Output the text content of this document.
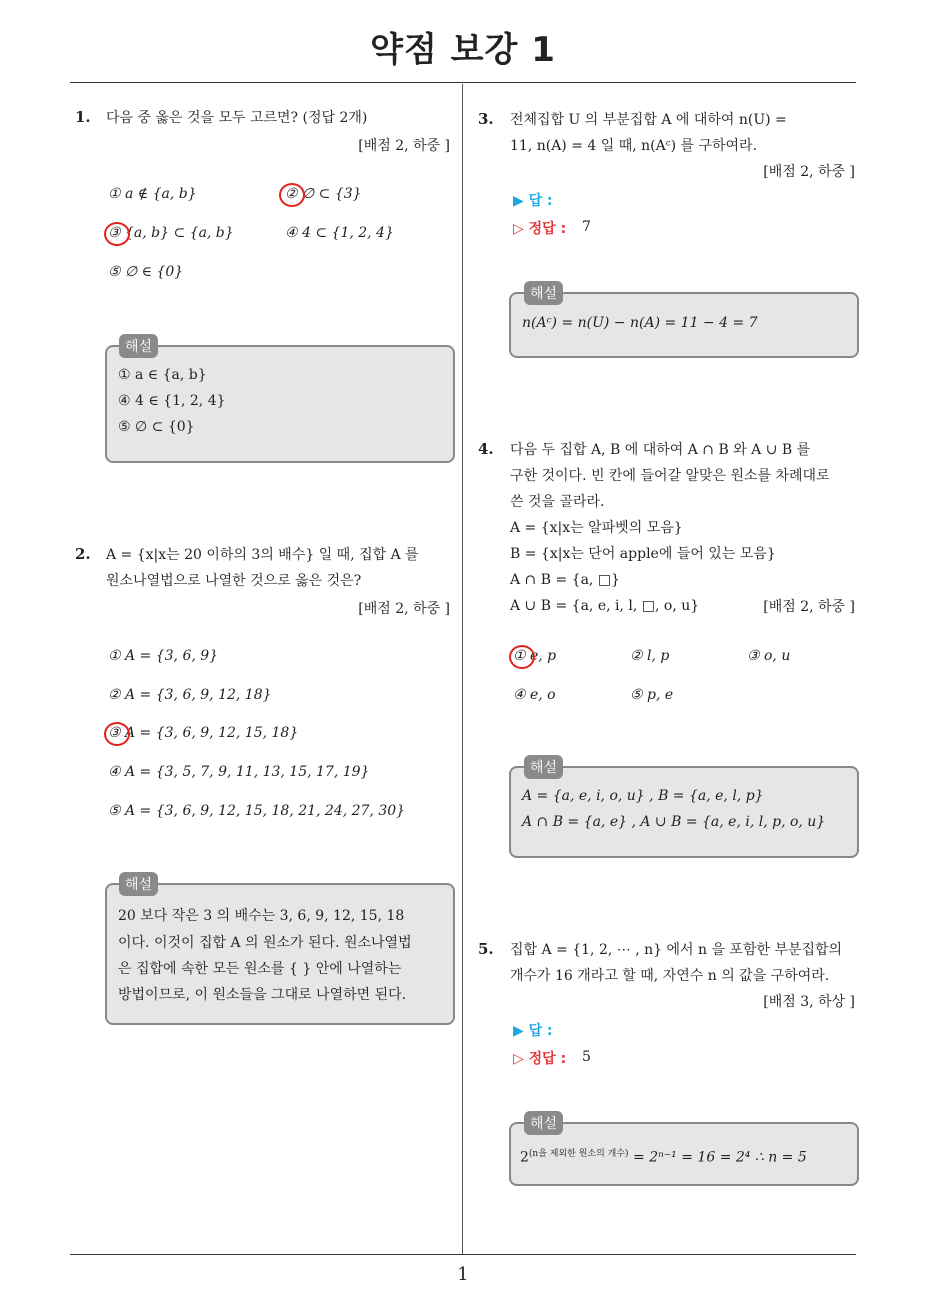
약점 보강 1
1. 다음 중 옳은 것을 모두 고르면? (정답 2개)
[배점 2, 하중 ]
① a ∉ {a, b}	② ∅ ⊂ {3}
③ {a, b} ⊂ {a, b}	④ 4 ⊂ {1, 2, 4}
⑤ ∅ ∈ {0}
해설
① a ∈ {a, b}
④ 4 ∈ {1, 2, 4}
⑤ ∅ ⊂ {0}
2. A = {x|x는 20 이하의 3의 배수} 일 때, 집합 A 를
원소나열법으로 나열한 것으로 옳은 것은?
[배점 2, 하중 ]
① A = {3, 6, 9}
② A = {3, 6, 9, 12, 18}
③ A = {3, 6, 9, 12, 15, 18}
④ A = {3, 5, 7, 9, 11, 13, 15, 17, 19}
⑤ A = {3, 6, 9, 12, 15, 18, 21, 24, 27, 30}
해설
20 보다 작은 3 의 배수는 3, 6, 9, 12, 15, 18
이다. 이것이 집합 A 의 원소가 된다. 원소나열법
은 집합에 속한 모든 원소를 { } 안에 나열하는
방법이므로, 이 원소들을 그대로 나열하면 된다.
3. 전체집합 U 의 부분집합 A 에 대하여 n(U) =
11, n(A) = 4 일 때, n(Aᶜ) 를 구하여라.
[배점 2, 하중 ]
▶ 답 :
▷ 정답 : 7
해설
n(Aᶜ) = n(U) − n(A) = 11 − 4 = 7
4. 다음 두 집합 A, B 에 대하여 A ∩ B 와 A ∪ B 를
구한 것이다. 빈 칸에 들어갈 알맞은 원소를 차례대로
쓴 것을 골라라.
A = {x|x는 알파벳의 모음}
B = {x|x는 단어 apple에 들어 있는 모음}
A ∩ B = {a, □}
A ∪ B = {a, e, i, l, □, o, u}	[배점 2, 하중 ]
① e, p	② l, p	③ o, u
④ e, o	⑤ p, e
해설
A = {a, e, i, o, u} , B = {a, e, l, p}
A ∩ B = {a, e} , A ∪ B = {a, e, i, l, p, o, u}
5. 집합 A = {1, 2, ⋯ , n} 에서 n 을 포함한 부분집합의
개수가 16 개라고 할 때, 자연수 n 의 값을 구하여라.
[배점 3, 하상 ]
▶ 답 :
▷ 정답 : 5
해설
$2^{(n을 제외한 원소의 개수)} = 2^{n-1} = 16 = 2^4$ ∴ n = 5
1
